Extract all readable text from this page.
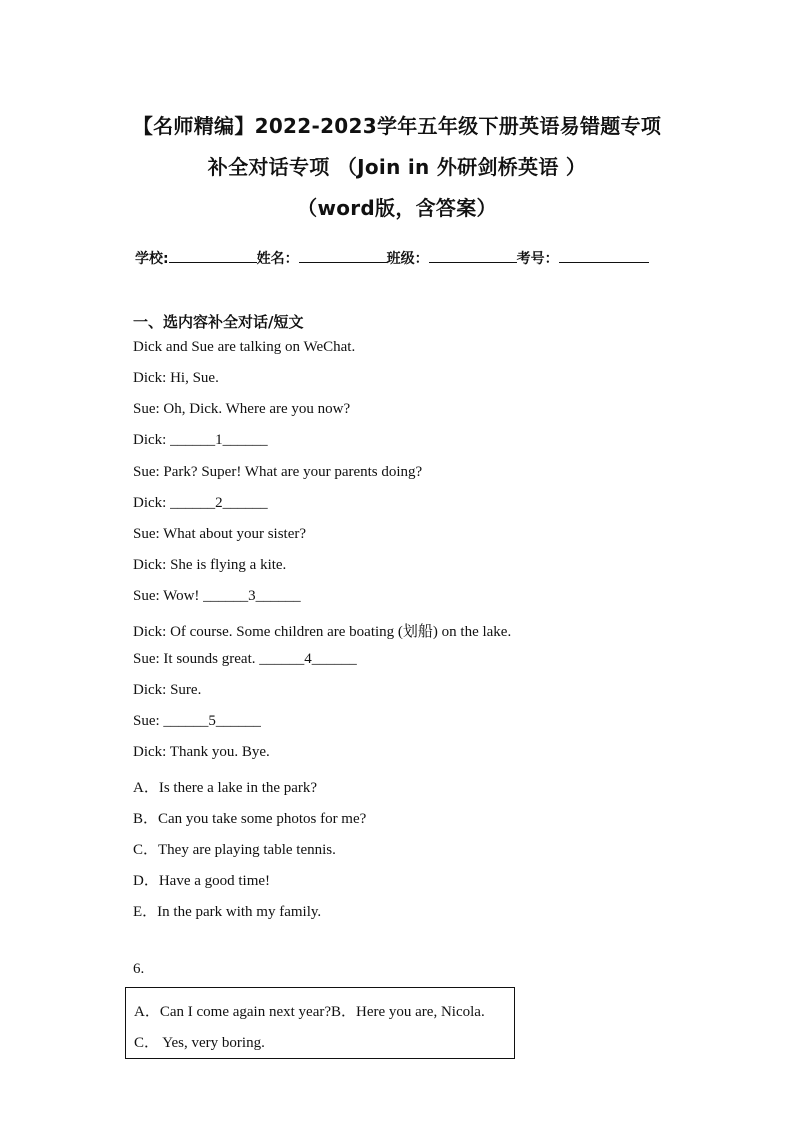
【名师精编】2022-2023学年五年级下册英语易错题专项
补全对话专项 （Join in 外研剑桥英语 ）
（word版，含答案）
学校:	姓名：	班级：	考号：
一、选内容补全对话/短文
Dick and Sue are talking on WeChat.
Dick: Hi, Sue.
Sue: Oh, Dick. Where are you now?
Dick: ______1______
Sue: Park? Super! What are your parents doing?
Dick: ______2______
Sue: What about your sister?
Dick: She is flying a kite.
Sue: Wow! ______3______
Dick: Of course. Some children are boating (划船) on the lake.
Sue: It sounds great. ______4______
Dick: Sure.
Sue: ______5______
Dick: Thank you. Bye.
A．Is there a lake in the park?
B．Can you take some photos for me?
C．They are playing table tennis.
D．Have a good time!
E．In the park with my family.
6.
A．Can I come again next year?B．Here you are, Nicola.
C． Yes, very boring.
